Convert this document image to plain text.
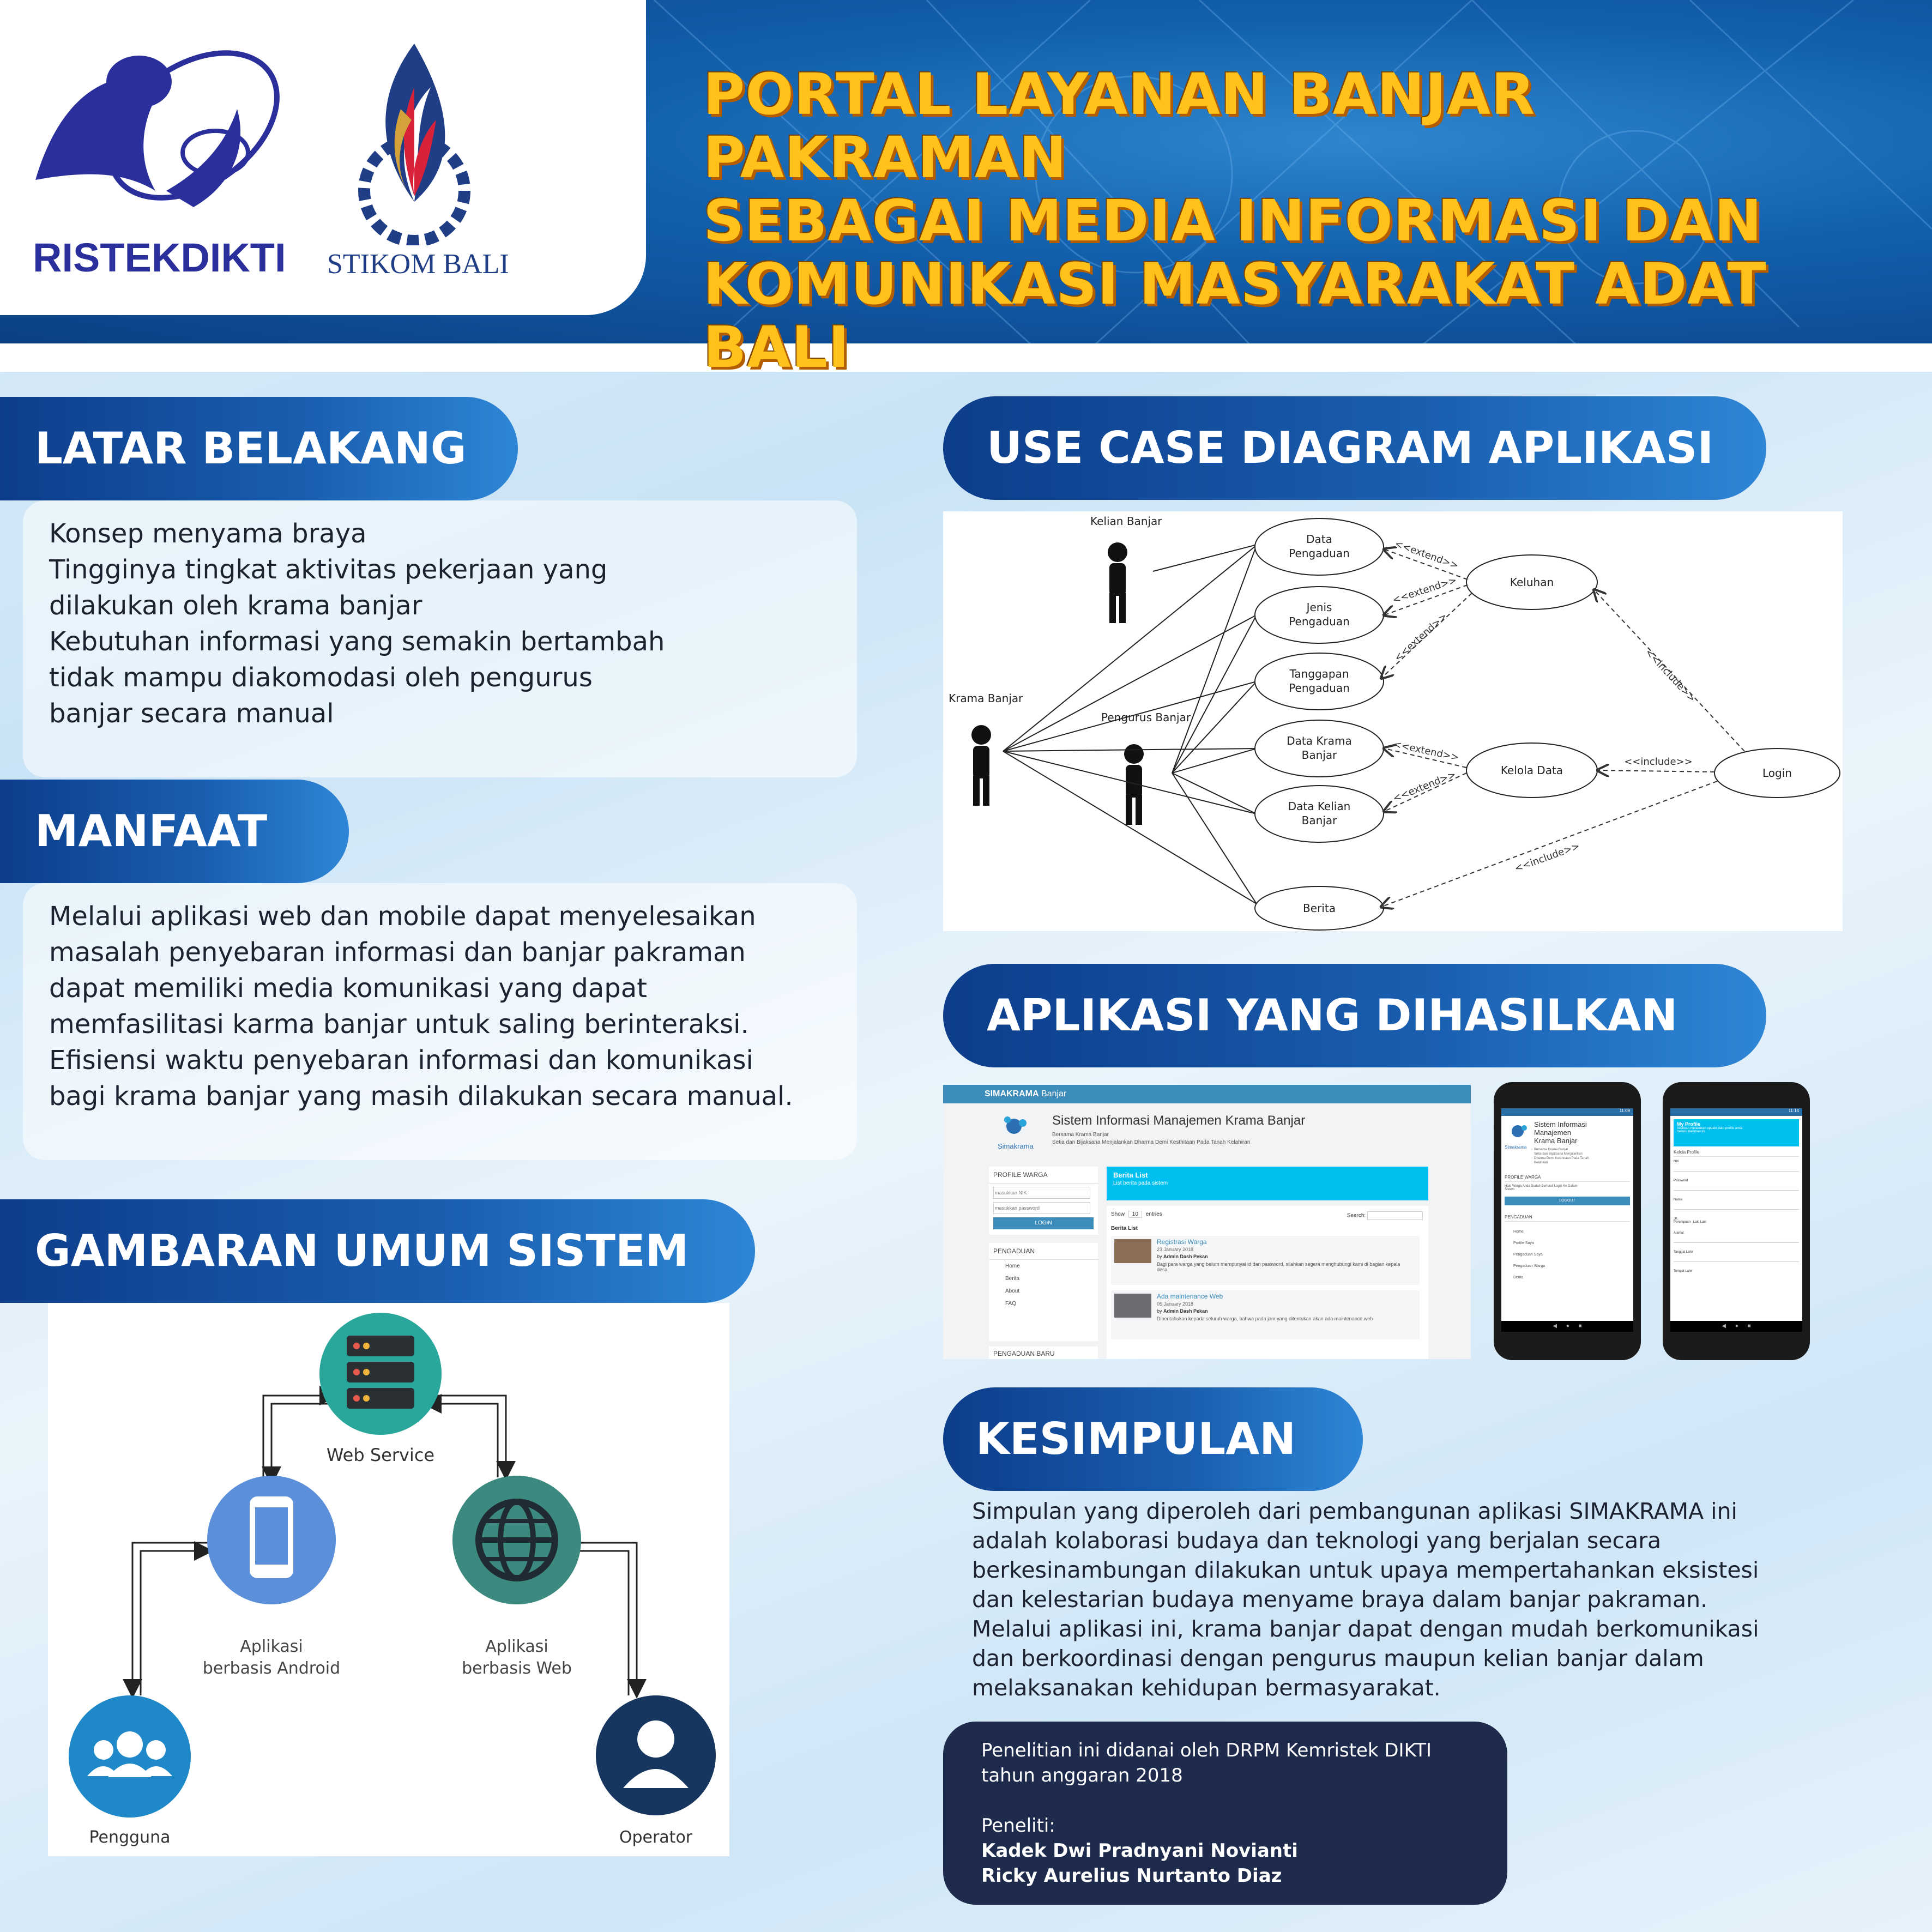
RISTEKDIKTI STIKOM BALI
PORTAL LAYANAN BANJAR PAKRAMAN
SEBAGAI MEDIA INFORMASI DAN
KOMUNIKASI MASYARAKAT ADAT BALI
LATAR BELAKANG

Konsep menyama braya

Tingginya tingkat aktivitas pekerjaan yang

dilakukan oleh krama banjar

Kebutuhan informasi yang semakin bertambah

tidak mampu diakomodasi oleh pengurus

banjar secara manual

MANFAAT

Melalui aplikasi web dan mobile dapat menyelesaikan

masalah penyebaran informasi dan banjar pakraman

dapat memiliki media komunikasi yang dapat

memfasilitasi karma banjar untuk saling berinteraksi.

Efisiensi waktu penyebaran informasi dan komunikasi

bagi krama banjar yang masih dilakukan secara manual.

GAMBARAN UMUM SISTEM
Web Service
Aplikasi
berbasis Android
Aplikasi
berbasis Web
Pengguna	Operator
USE CASE DIAGRAM APLIKASI
Kelian Banjar
Krama Banjar
Pengurus Banjar
Data
Pengaduan
Jenis
Pengaduan
Tanggapan
Pengaduan
Data Krama
Banjar
Data Kelian
Banjar
Berita
Keluhan
Kelola Data	Login
<<extend>>
<<extend>>
<<extend>>
<<extend>>
<<extend>>
<<include>>
<<include>>
<<include>>
APLIKASI YANG DIHASILKAN
SIMAKRAMA Banjar
Simakrama
Sistem Informasi Manajemen Krama Banjar
Bersama Krama Banjar
Setia dan Bijaksana Menjalankan Dharma Demi Kesthitaan Pada Tanah Kelahiran
PROFILE WARGA
masukkan NIK
masukkan password
LOGIN
PENGADUAN
Home
Berita
About
FAQ
PENGADUAN BARU
Berita List
List berita pada sistem
Show 10 entries	Search:
Berita List
Registrasi Warga
23 January 2018
by Admin Dash Pekan
Bagi para warga yang belum mempunyai id dan password, silahkan segera menghubungi kami di bagian kepala desa.
Ada maintenance Web
05 January 2018
by Admin Dash Pekan
Diberitahukan kepada seluruh warga, bahwa pada jam yang ditentukan akan ada maintenance web
11:09
Simakrama
Sistem Informasi
Manajemen
Krama Banjar
Bersama Krama Banjar
Setia dan Bijaksana Menjalankan
Dharma Demi Kesthitaan Pada Tanah
Kelahiran
PROFILE WARGA
Halo Warga Anda Sudah Berhasil Login Ke Dalam
Sistem
LOGOUT
PENGADUAN
Home
Profile Saya
Pengaduan Saya
Pengaduan Warga
Berita
◀ ● ■
11:14
My Profile
Silahkan melakukan update data profile anda
melalui halaman ini
Kelola Profile
NIK
Password
Nama
JK
Perempuan Laki Laki
Alamat
Tanggal Lahir
Tempat Lahir
◀ ● ■
KESIMPULAN

Simpulan yang diperoleh dari pembangunan aplikasi SIMAKRAMA ini

adalah kolaborasi budaya dan teknologi yang berjalan secara

berkesinambungan dilakukan untuk upaya mempertahankan eksistesi

dan kelestarian budaya menyame braya dalam banjar pakraman.

Melalui aplikasi ini, krama banjar dapat dengan mudah berkomunikasi

dan berkoordinasi dengan pengurus maupun kelian banjar dalam

melaksanakan kehidupan bermasyarakat.

Penelitian ini didanai oleh DRPM Kemristek DIKTI
tahun anggaran 2018
Peneliti:
Kadek Dwi Pradnyani Novianti
Ricky Aurelius Nurtanto Diaz
